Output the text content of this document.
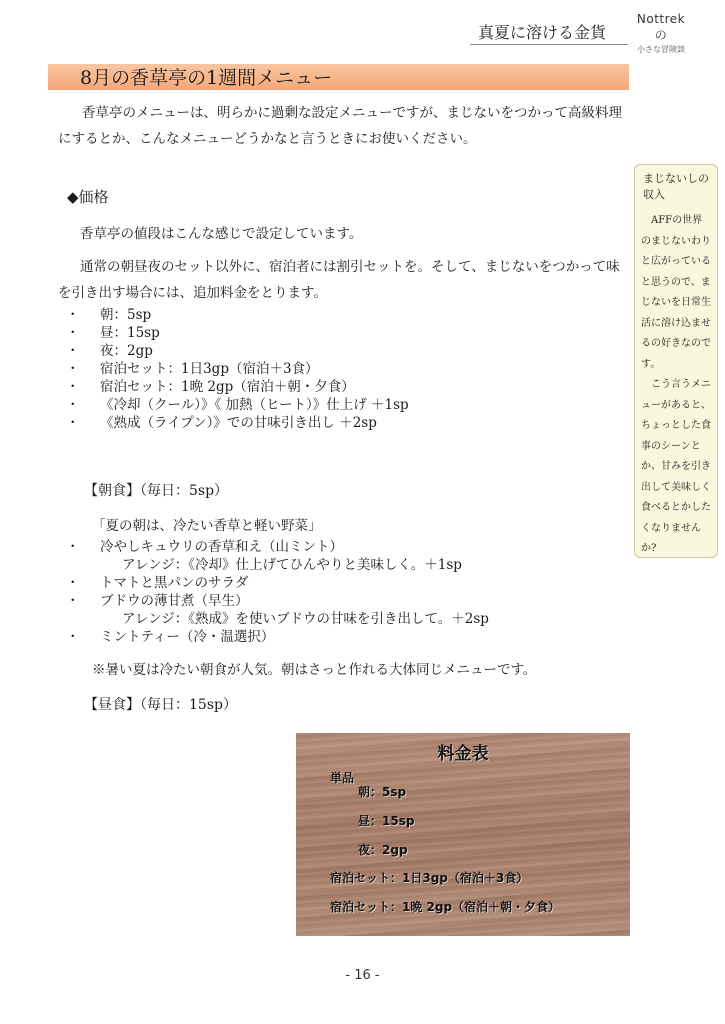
真夏に溶ける金貨
Nottrek の
小さな冒険談
8月の香草亭の1週間メニュー

香草亭のメニューは、明らかに過剰な設定メニューですが、まじないをつかって高級料理にするとか、こんなメニューどうかなと言うときにお使いください。

◆価格
香草亭の値段はこんな感じで設定しています。

通常の朝昼夜のセット以外に、宿泊者には割引セットを。そして、まじないをつかって味を引き出す場合には、追加料金をとります。

・ 朝：5sp
・ 昼：15sp
・ 夜：2gp
・ 宿泊セット：1日3gp（宿泊＋3食）
・ 宿泊セット：1晩 2gp（宿泊＋朝・夕食）
・ 《冷却（クール）》《 加熱（ヒート）》仕上げ ＋1sp
・ 《熟成（ライプン）》での甘味引き出し ＋2sp
【朝食】（毎日：5sp）
「夏の朝は、冷たい香草と軽い野菜」
・ 冷やしキュウリの香草和え（山ミント）
アレンジ：《冷却》仕上げてひんやりと美味しく。＋1sp
・ トマトと黒パンのサラダ
・ ブドウの薄甘煮（早生）
アレンジ：《熟成》を使いブドウの甘味を引き出して。＋2sp
・ ミントティー（冷・温選択）
※暑い夏は冷たい朝食が人気。朝はさっと作れる大体同じメニューです。
【昼食】（毎日：15sp）
まじないしの収入

AFFの世界のまじないわりと広がっていると思うので、まじないを日常生活に溶け込ませるの好きなのです。

こう言うメニューがあると、ちょっとした食事のシーンとか、甘みを引き出して美味しく食べるとかしたくなりませんか?

料金表
単品
朝：5sp
昼：15sp
夜：2gp
宿泊セット：1日3gp（宿泊＋3食）
宿泊セット：1晩 2gp（宿泊＋朝・夕食）
- 16 -
